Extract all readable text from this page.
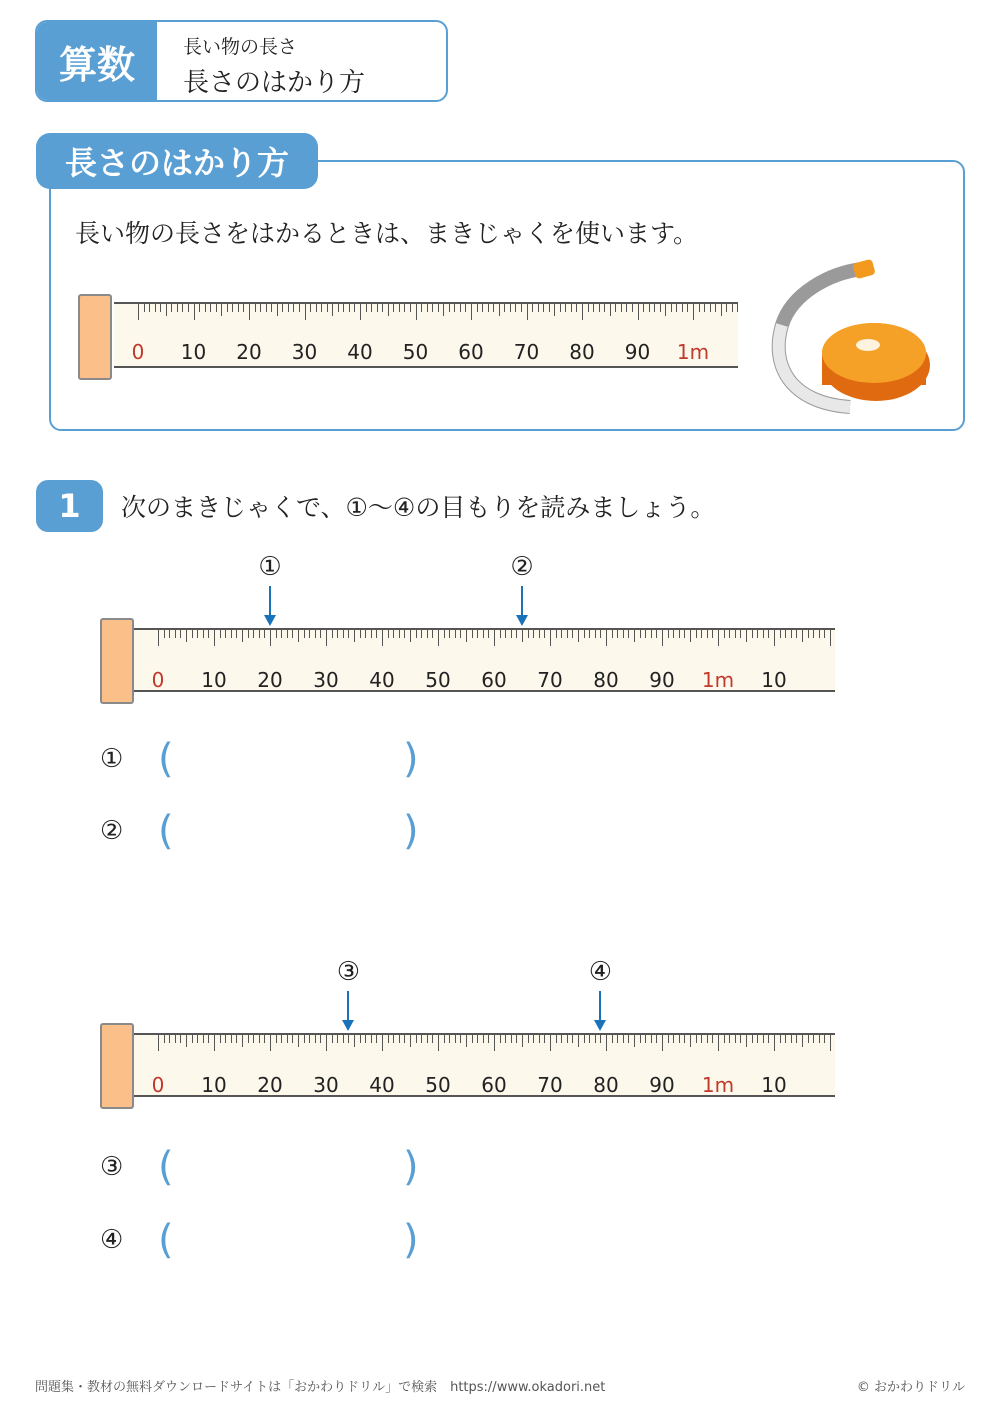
算数	長い物の長さ
長さのはかり方
長さのはかり方
長い物の長さをはかるときは、まきじゃくを使います。
0 10 20 30 40 50 60 70 80 90 1m
1	次のまきじゃくで、①～④の目もりを読みましょう。
0 10 20 30 40 50 60 70 80 90 1m 10
0 10 20 30 40 50 60 70 80 90 1m 10
①	②
③	④
① (	)
② (	)
③ (	)
④ (	)
問題集・教材の無料ダウンロードサイトは「おかわりドリル」で検索　https://www.okadori.net	© おかわりドリル
